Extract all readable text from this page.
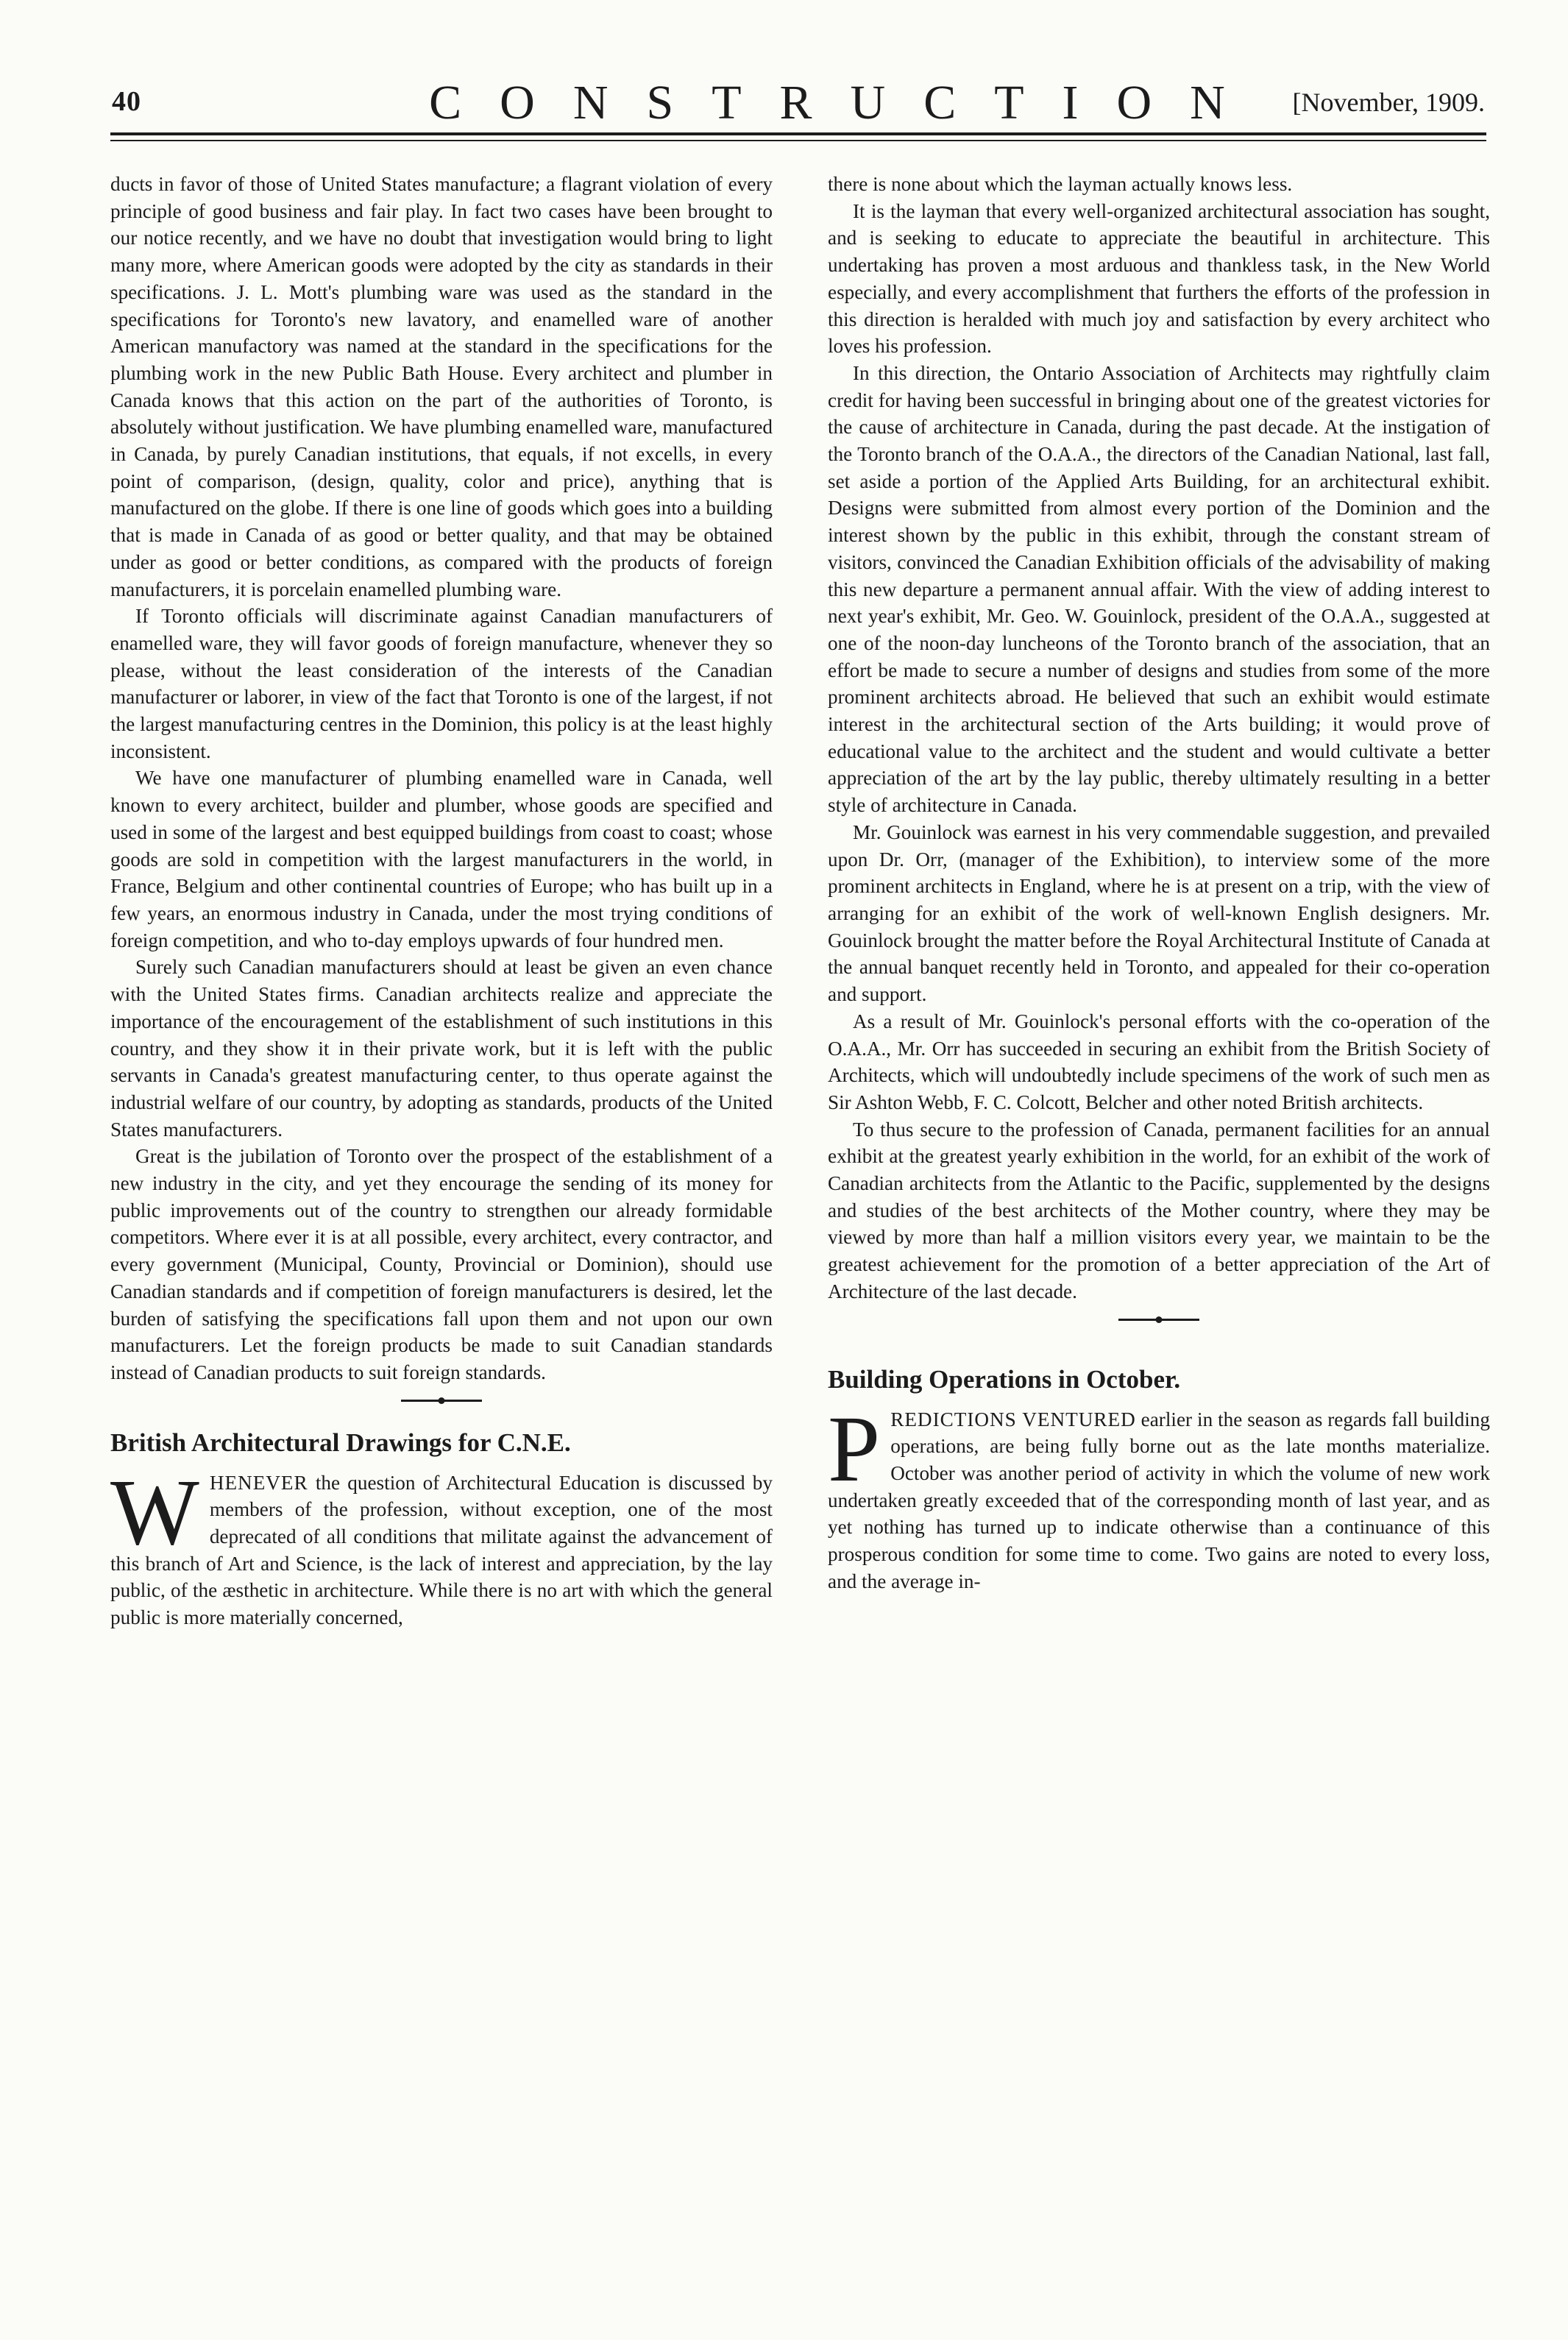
40	CONSTRUCTION	[November, 1909.

ducts in favor of those of United States manufacture; a flagrant violation of every principle of good business and fair play. In fact two cases have been brought to our notice recently, and we have no doubt that investigation would bring to light many more, where American goods were adopted by the city as standards in their specifications. J. L. Mott's plumbing ware was used as the standard in the specifications for Toronto's new lavatory, and enamelled ware of another American manufactory was named at the standard in the specifications for the plumbing work in the new Public Bath House. Every architect and plumber in Canada knows that this action on the part of the authorities of Toronto, is absolutely without justification. We have plumbing enamelled ware, manufactured in Canada, by purely Canadian institutions, that equals, if not excells, in every point of comparison, (design, quality, color and price), anything that is manufactured on the globe. If there is one line of goods which goes into a building that is made in Canada of as good or better quality, and that may be obtained under as good or better conditions, as compared with the products of foreign manufacturers, it is porcelain enamelled plumbing ware.

If Toronto officials will discriminate against Canadian manufacturers of enamelled ware, they will favor goods of foreign manufacture, whenever they so please, without the least consideration of the interests of the Canadian manufacturer or laborer, in view of the fact that Toronto is one of the largest, if not the largest manufacturing centres in the Dominion, this policy is at the least highly inconsistent.

We have one manufacturer of plumbing enamelled ware in Canada, well known to every architect, builder and plumber, whose goods are specified and used in some of the largest and best equipped buildings from coast to coast; whose goods are sold in competition with the largest manufacturers in the world, in France, Belgium and other continental countries of Europe; who has built up in a few years, an enormous industry in Canada, under the most trying conditions of foreign competition, and who to-day employs upwards of four hundred men.

Surely such Canadian manufacturers should at least be given an even chance with the United States firms. Canadian architects realize and appreciate the importance of the encouragement of the establishment of such institutions in this country, and they show it in their private work, but it is left with the public servants in Canada's greatest manufacturing center, to thus operate against the industrial welfare of our country, by adopting as standards, products of the United States manufacturers.

Great is the jubilation of Toronto over the prospect of the establishment of a new industry in the city, and yet they encourage the sending of its money for public improvements out of the country to strengthen our already formidable competitors. Where ever it is at all possible, every architect, every contractor, and every government (Municipal, County, Provincial or Dominion), should use Canadian standards and if competition of foreign manufacturers is desired, let the burden of satisfying the specifications fall upon them and not upon our own manufacturers. Let the foreign products be made to suit Canadian standards instead of Canadian products to suit foreign standards.

British Architectural Drawings for C.N.E.

WHENEVER the question of Architectural Education is discussed by members of the profession, without exception, one of the most deprecated of all conditions that militate against the advancement of this branch of Art and Science, is the lack of interest and appreciation, by the lay public, of the æsthetic in architecture. While there is no art with which the general public is more materially concerned,

there is none about which the layman actually knows less.

It is the layman that every well-organized architectural association has sought, and is seeking to educate to appreciate the beautiful in architecture. This undertaking has proven a most arduous and thankless task, in the New World especially, and every accomplishment that furthers the efforts of the profession in this direction is heralded with much joy and satisfaction by every architect who loves his profession.

In this direction, the Ontario Association of Architects may rightfully claim credit for having been successful in bringing about one of the greatest victories for the cause of architecture in Canada, during the past decade. At the instigation of the Toronto branch of the O.A.A., the directors of the Canadian National, last fall, set aside a portion of the Applied Arts Building, for an architectural exhibit. Designs were submitted from almost every portion of the Dominion and the interest shown by the public in this exhibit, through the constant stream of visitors, convinced the Canadian Exhibition officials of the advisability of making this new departure a permanent annual affair. With the view of adding interest to next year's exhibit, Mr. Geo. W. Gouinlock, president of the O.A.A., suggested at one of the noon-day luncheons of the Toronto branch of the association, that an effort be made to secure a number of designs and studies from some of the more prominent architects abroad. He believed that such an exhibit would estimate interest in the architectural section of the Arts building; it would prove of educational value to the architect and the student and would cultivate a better appreciation of the art by the lay public, thereby ultimately resulting in a better style of architecture in Canada.

Mr. Gouinlock was earnest in his very commendable suggestion, and prevailed upon Dr. Orr, (manager of the Exhibition), to interview some of the more prominent architects in England, where he is at present on a trip, with the view of arranging for an exhibit of the work of well-known English designers. Mr. Gouinlock brought the matter before the Royal Architectural Institute of Canada at the annual banquet recently held in Toronto, and appealed for their co-operation and support.

As a result of Mr. Gouinlock's personal efforts with the co-operation of the O.A.A., Mr. Orr has succeeded in securing an exhibit from the British Society of Architects, which will undoubtedly include specimens of the work of such men as Sir Ashton Webb, F. C. Colcott, Belcher and other noted British architects.

To thus secure to the profession of Canada, permanent facilities for an annual exhibit at the greatest yearly exhibition in the world, for an exhibit of the work of Canadian architects from the Atlantic to the Pacific, supplemented by the designs and studies of the best architects of the Mother country, where they may be viewed by more than half a million visitors every year, we maintain to be the greatest achievement for the promotion of a better appreciation of the Art of Architecture of the last decade.

Building Operations in October.

PREDICTIONS VENTURED earlier in the season as regards fall building operations, are being fully borne out as the late months materialize. October was another period of activity in which the volume of new work undertaken greatly exceeded that of the corresponding month of last year, and as yet nothing has turned up to indicate otherwise than a continuance of this prosperous condition for some time to come. Two gains are noted to every loss, and the average in-
